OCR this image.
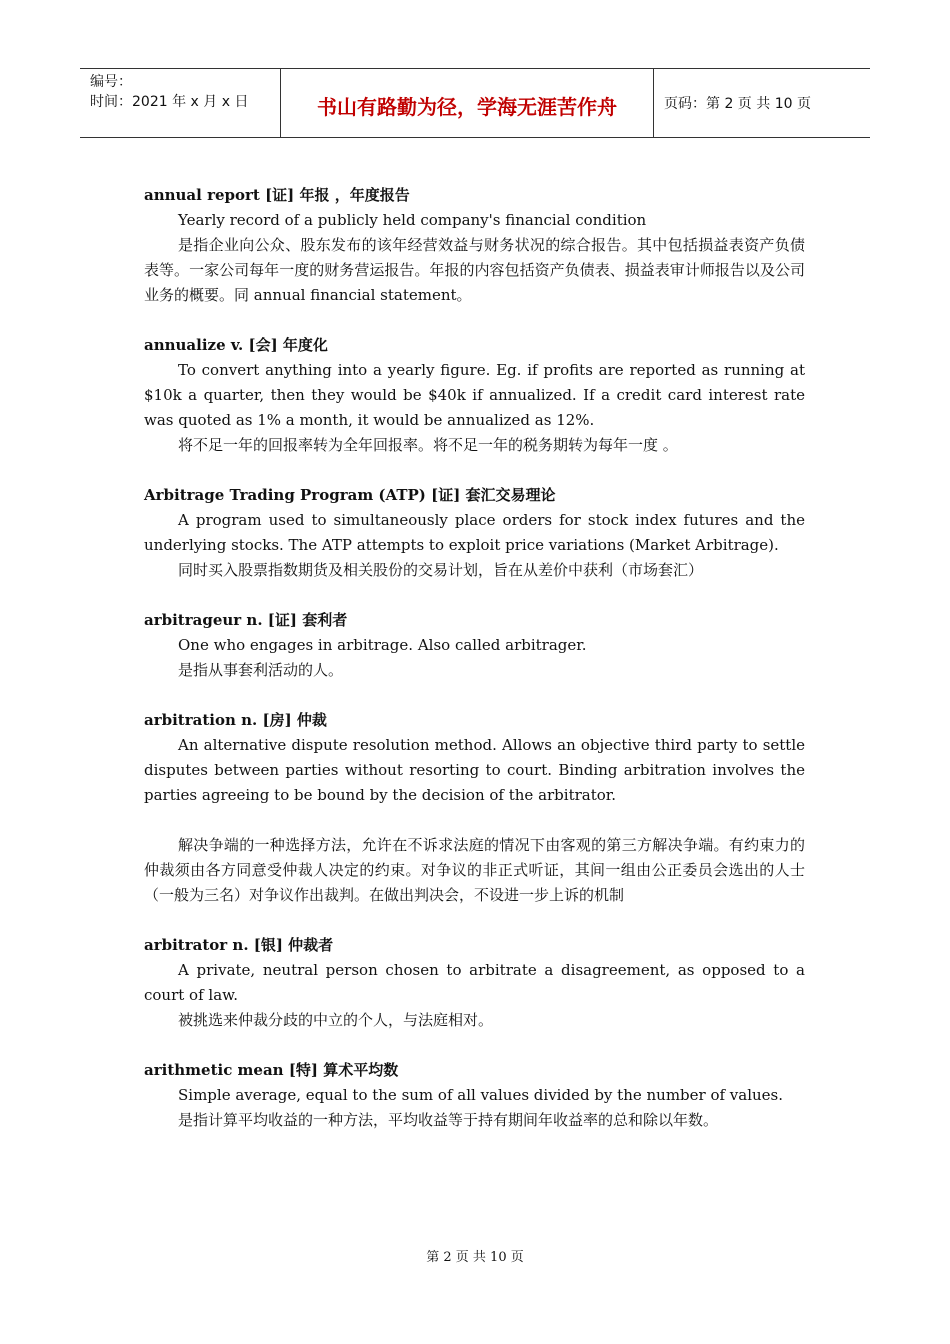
编号：
时间：2021 年 x 月 x 日	书山有路勤为径，学海无涯苦作舟	页码：第 2 页 共 10 页
annual report [证] 年报 ，年度报告

Yearly record of a publicly held company's financial condition

是指企业向公众、股东发布的该年经营效益与财务状况的综合报告。其中包括损益表资产负债表等。一家公司每年一度的财务营运报告。年报的内容包括资产负债表、损益表审计师报告以及公司业务的概要。同 annual financial statement。

annualize v. [会] 年度化

To convert anything into a yearly figure. Eg. if profits are reported as running at $10k a quarter, then they would be $40k if annualized. If a credit card interest rate was quoted as 1% a month, it would be annualized as 12%.

将不足一年的回报率转为全年回报率。将不足一年的税务期转为每年一度 。

Arbitrage Trading Program (ATP) [证] 套汇交易理论

A program used to simultaneously place orders for stock index futures and the underlying stocks. The ATP attempts to exploit price variations (Market Arbitrage).

同时买入股票指数期货及相关股份的交易计划，旨在从差价中获利（市场套汇）

arbitrageur n. [证] 套利者

One who engages in arbitrage. Also called arbitrager.

是指从事套利活动的人。

arbitration n. [房] 仲裁

An alternative dispute resolution method. Allows an objective third party to settle disputes between parties without resorting to court. Binding arbitration involves the parties agreeing to be bound by the decision of the arbitrator.

解决争端的一种选择方法，允许在不诉求法庭的情况下由客观的第三方解决争端。有约束力的仲裁须由各方同意受仲裁人决定的约束。对争议的非正式听证，其间一组由公正委员会选出的人士（一般为三名）对争议作出裁判。在做出判决会，不设进一步上诉的机制

arbitrator n. [银] 仲裁者

A private, neutral person chosen to arbitrate a disagreement, as opposed to a court of law.

被挑选来仲裁分歧的中立的个人，与法庭相对。

arithmetic mean [特] 算术平均数

Simple average, equal to the sum of all values divided by the number of values.

是指计算平均收益的一种方法，平均收益等于持有期间年收益率的总和除以年数。

第 2 页 共 10 页
